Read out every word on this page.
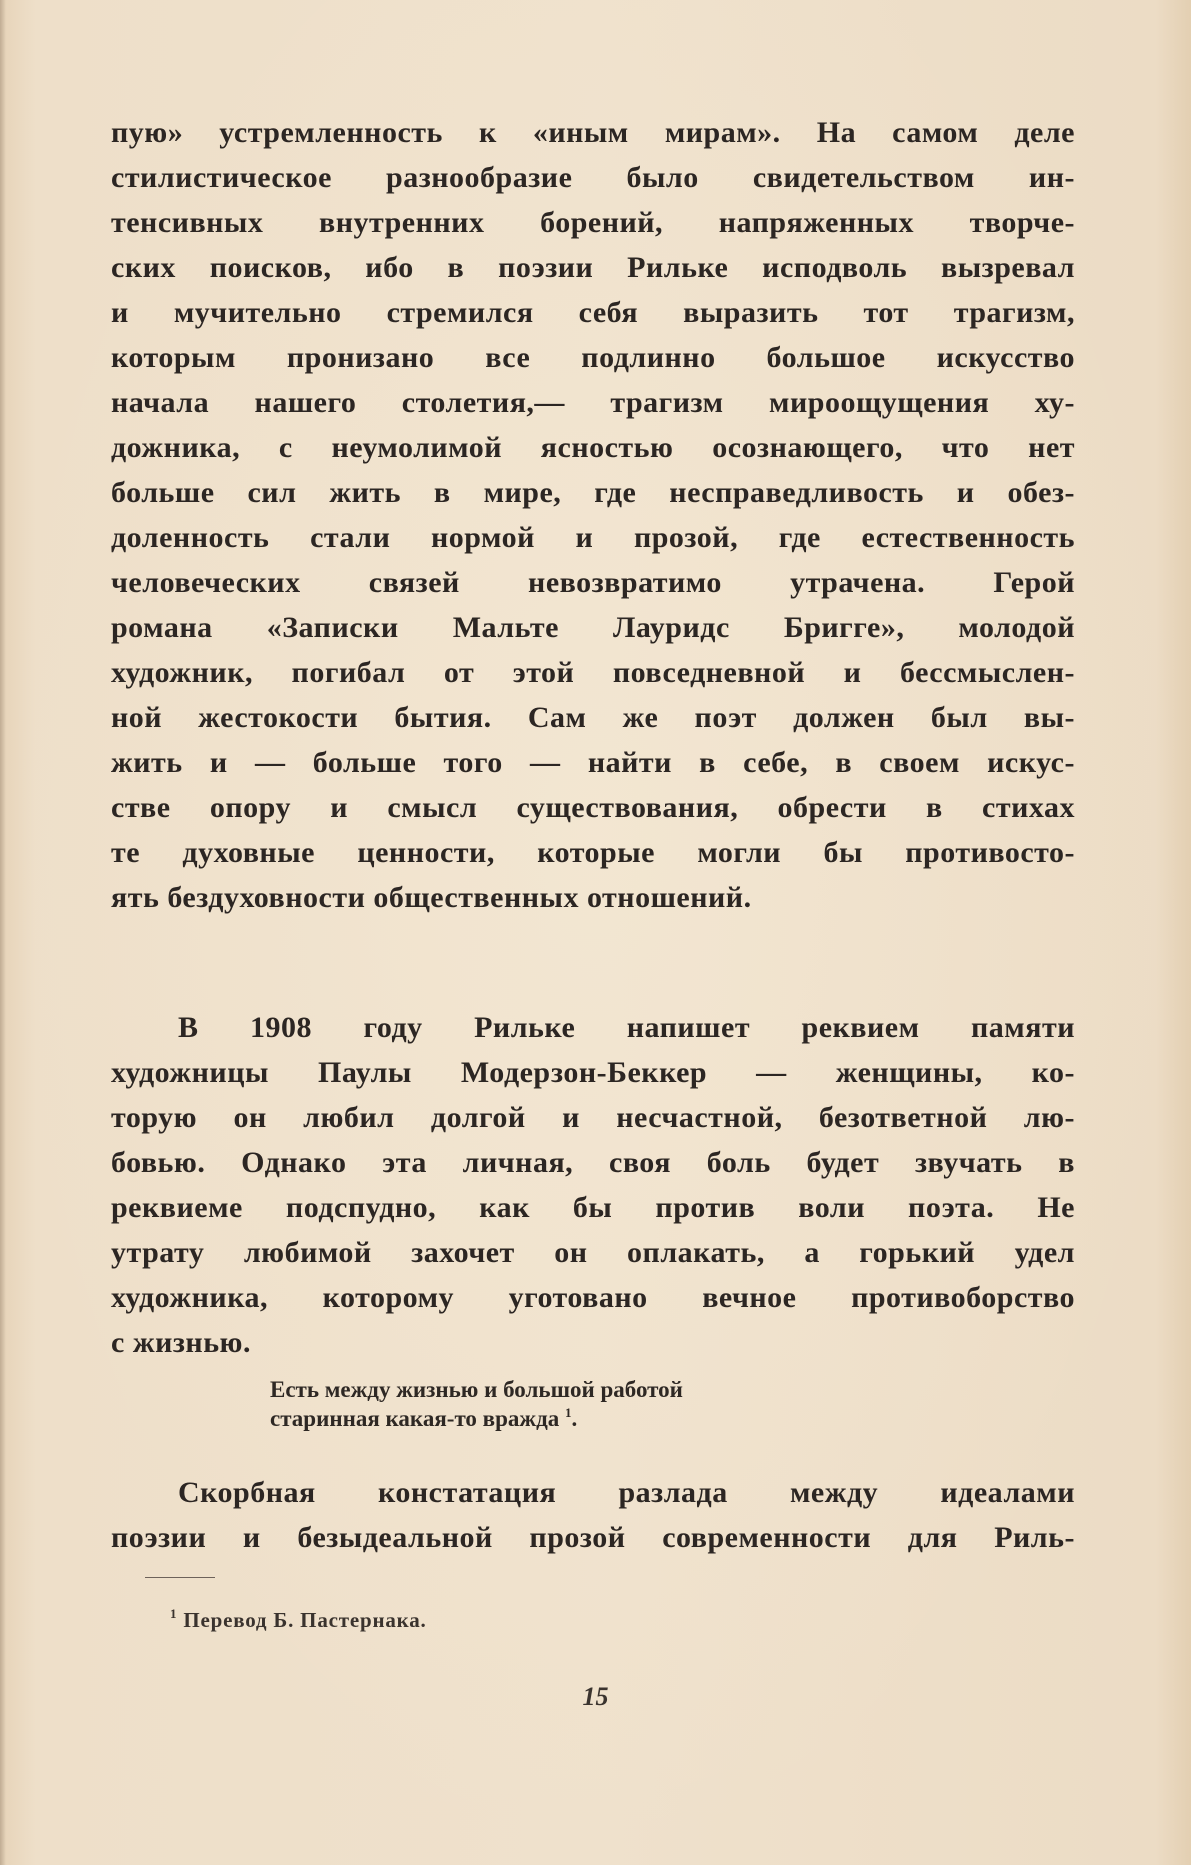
пую» устремленность к «иным мирам». На самом деле

стилистическое разнообразие было свидетельством ин-

тенсивных внутренних борений, напряженных творче-

ских поисков, ибо в поэзии Рильке исподволь вызревал

и мучительно стремился себя выразить тот трагизм,

которым пронизано все подлинно большое искусство

начала нашего столетия,— трагизм мироощущения ху-

дожника, с неумолимой ясностью осознающего, что нет

больше сил жить в мире, где несправедливость и обез-

доленность стали нормой и прозой, где естественность

человеческих связей невозвратимо утрачена. Герой

романа «Записки Мальте Лауридс Бригге», молодой

художник, погибал от этой повседневной и бессмыслен-

ной жестокости бытия. Сам же поэт должен был вы-

жить и — больше того — найти в себе, в своем искус-

стве опору и смысл существования, обрести в стихах

те духовные ценности, которые могли бы противосто-

ять бездуховности общественных отношений.

В 1908 году Рильке напишет реквием памяти

художницы Паулы Модерзон-Беккер — женщины, ко-

торую он любил долгой и несчастной, безответной лю-

бовью. Однако эта личная, своя боль будет звучать в

реквиеме подспудно, как бы против воли поэта. Не

утрату любимой захочет он оплакать, а горький удел

художника, которому уготовано вечное противоборство

с жизнью.

Есть между жизнью и большой работой

старинная какая-то вражда $^1$.

Скорбная констатация разлада между идеалами

поэзии и безыдеальной прозой современности для Риль-

$^1$ Перевод Б. Пастернака.

15
